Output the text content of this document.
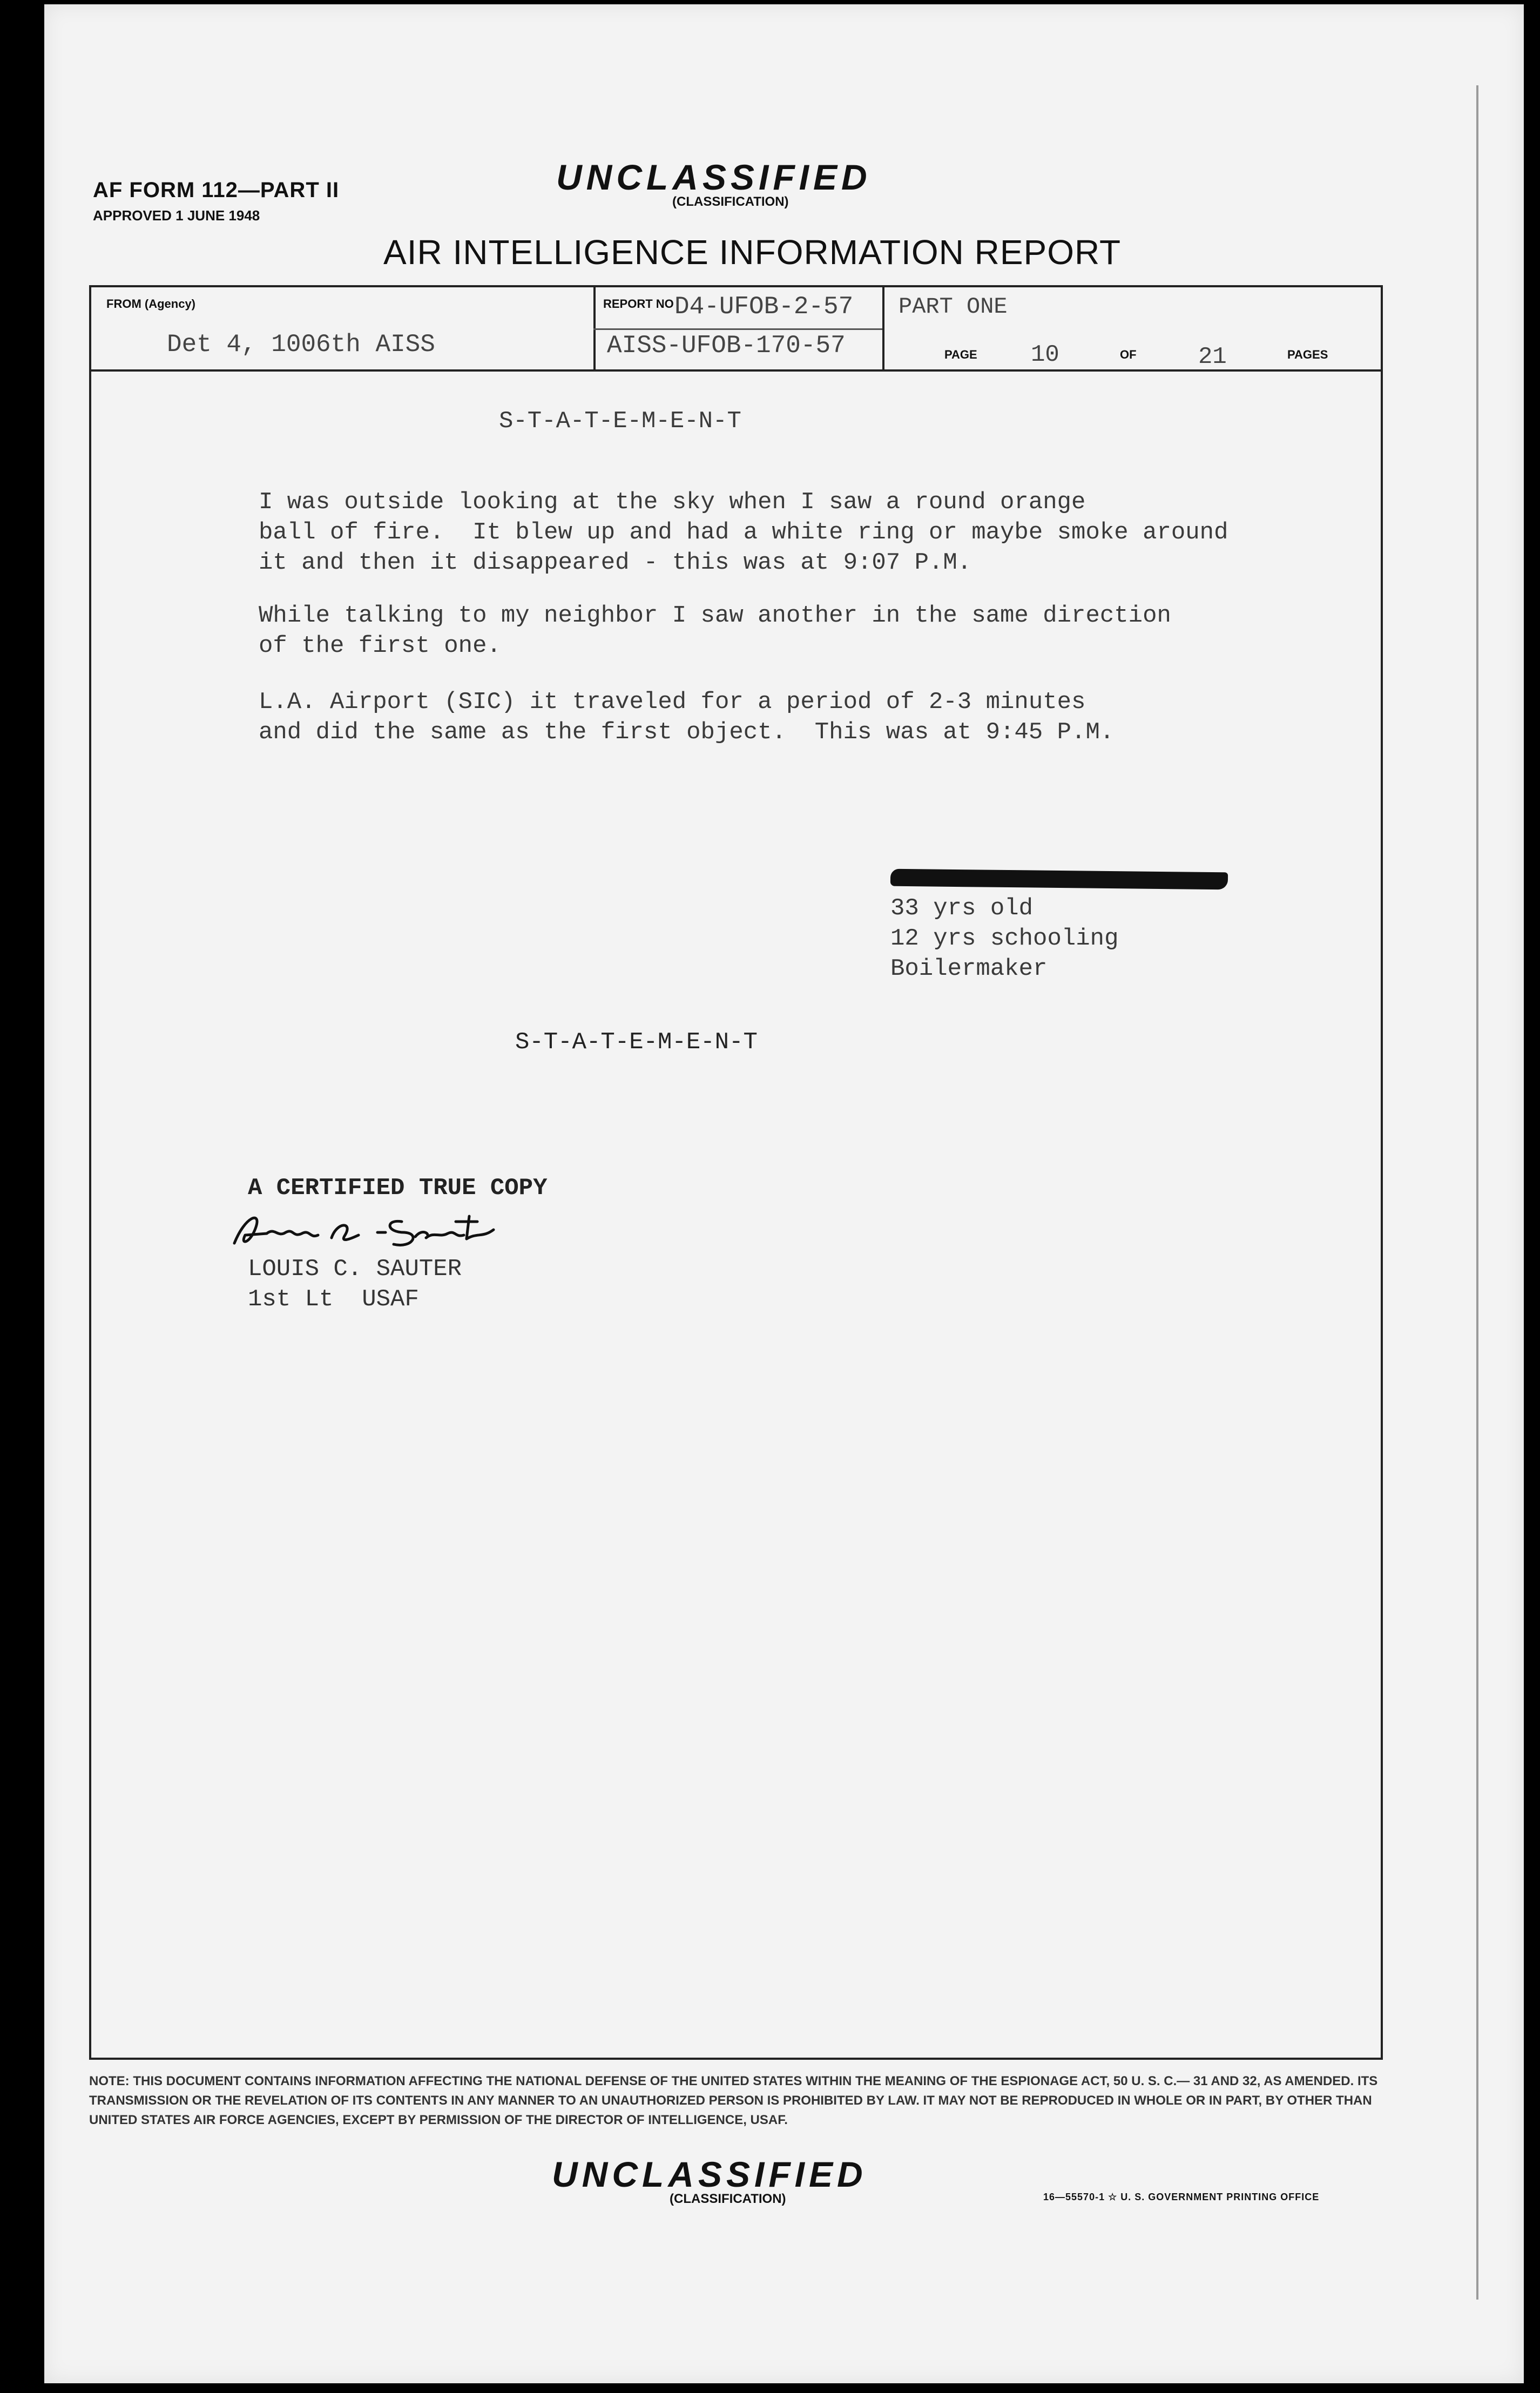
AF FORM 112—PART II
APPROVED 1 JUNE 1948
UNCLASSIFIED
(CLASSIFICATION)
AIR INTELLIGENCE INFORMATION REPORT
FROM (Agency)
Det 4, 1006th AISS
REPORT NO D4-UFOB-2-57
AISS-UFOB-170-57
PART ONE
PAGE 10	OF	21	PAGES
S-T-A-T-E-M-E-N-T
I was outside looking at the sky when I saw a round orange
ball of fire.  It blew up and had a white ring or maybe smoke around
it and then it disappeared - this was at 9:07 P.M.
While talking to my neighbor I saw another in the same direction
of the first one.
L.A. Airport (SIC) it traveled for a period of 2-3 minutes
and did the same as the first object.  This was at 9:45 P.M.
33 yrs old
12 yrs schooling
Boilermaker
S-T-A-T-E-M-E-N-T
A CERTIFIED TRUE COPY
LOUIS C. SAUTER
1st Lt  USAF
NOTE: THIS DOCUMENT CONTAINS INFORMATION AFFECTING THE NATIONAL DEFENSE OF THE UNITED STATES WITHIN THE MEANING OF THE ESPIONAGE ACT, 50 U. S. C.— 31 AND 32, AS AMENDED. ITS TRANSMISSION OR THE REVELATION OF ITS CONTENTS IN ANY MANNER TO AN UNAUTHORIZED PERSON IS PROHIBITED BY LAW. IT MAY NOT BE REPRODUCED IN WHOLE OR IN PART, BY OTHER THAN UNITED STATES AIR FORCE AGENCIES, EXCEPT BY PERMISSION OF THE DIRECTOR OF INTELLIGENCE, USAF.
UNCLASSIFIED
(CLASSIFICATION)	16—55570-1 ☆ U. S. GOVERNMENT PRINTING OFFICE
